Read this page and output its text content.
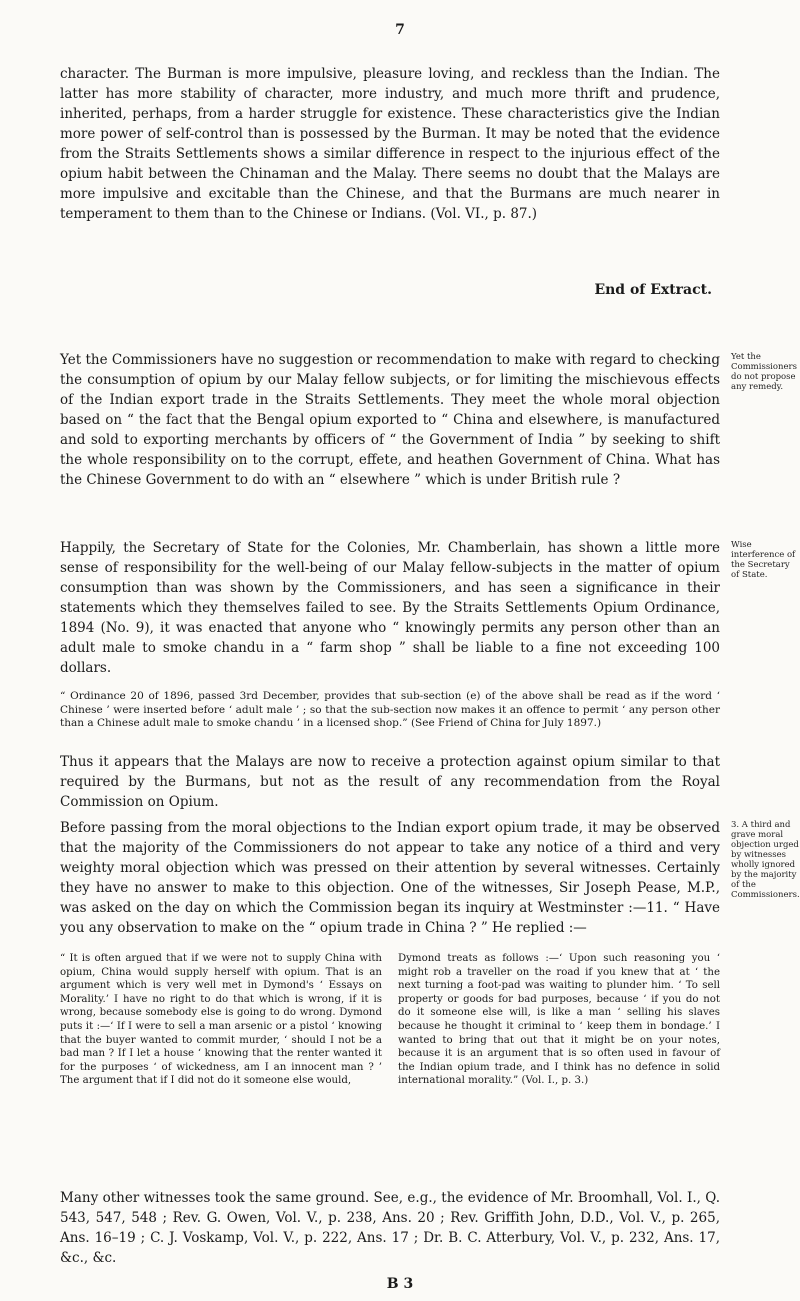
7

character. The Burman is more impulsive, pleasure loving, and reckless than the Indian. The latter has more stability of character, more industry, and much more thrift and prudence, inherited, perhaps, from a harder struggle for existence. These characteristics give the Indian more power of self-control than is possessed by the Burman. It may be noted that the evidence from the Straits Settlements shows a similar difference in respect to the injurious effect of the opium habit between the Chinaman and the Malay. There seems no doubt that the Malays are more impulsive and excitable than the Chinese, and that the Burmans are much nearer in temperament to them than to the Chinese or Indians. (Vol. VI., p. 87.)

End of Extract.

Yet the Commissioners have no suggestion or recommendation to make with regard to checking the consumption of opium by our Malay fellow subjects, or for limiting the mischievous effects of the Indian export trade in the Straits Settlements. They meet the whole moral objection based on “ the fact that the Bengal opium exported to “ China and elsewhere, is manufactured and sold to exporting merchants by officers of “ the Government of India ” by seeking to shift the whole responsibility on to the corrupt, effete, and heathen Government of China. What has the Chinese Government to do with an “ elsewhere ” which is under British rule ?

Yet the Commissioners do not propose any remedy.

Happily, the Secretary of State for the Colonies, Mr. Chamberlain, has shown a little more sense of responsibility for the well-being of our Malay fellow-subjects in the matter of opium consumption than was shown by the Commissioners, and has seen a significance in their statements which they themselves failed to see. By the Straits Settlements Opium Ordinance, 1894 (No. 9), it was enacted that anyone who “ knowingly permits any person other than an adult male to smoke chandu in a “ farm shop ” shall be liable to a fine not exceeding 100 dollars.

Wise interference of the Secretary of State.

“ Ordinance 20 of 1896, passed 3rd December, provides that sub-section (e) of the above shall be read as if the word ‘ Chinese ’ were inserted before ‘ adult male ’ ; so that the sub-section now makes it an offence to permit ‘ any person other than a Chinese adult male to smoke chandu ’ in a licensed shop.” (See Friend of China for July 1897.)

Thus it appears that the Malays are now to receive a protection against opium similar to that required by the Burmans, but not as the result of any recommendation from the Royal Commission on Opium.

Before passing from the moral objections to the Indian export opium trade, it may be observed that the majority of the Commissioners do not appear to take any notice of a third and very weighty moral objection which was pressed on their attention by several witnesses. Certainly they have no answer to make to this objection. One of the witnesses, Sir Joseph Pease, M.P., was asked on the day on which the Commission began its inquiry at Westminster :—11. “ Have you any observation to make on the “ opium trade in China ? ” He replied :—

3. A third and grave moral objection urged by witnesses wholly ignored by the majority of the Commissioners.
“ It is often argued that if we were not to supply China with opium, China would supply herself with opium. That is an argument which is very well met in Dymond's ‘ Essays on Morality.’ I have no right to do that which is wrong, if it is wrong, because somebody else is going to do wrong. Dymond puts it :—‘ If I were to sell a man arsenic or a pistol ‘ knowing that the buyer wanted to commit murder, ‘ should I not be a bad man ? If I let a house ‘ knowing that the renter wanted it for the purposes ‘ of wickedness, am I an innocent man ? ’ The argument that if I did not do it someone else would,
Dymond treats as follows :—‘ Upon such reasoning you ‘ might rob a traveller on the road if you knew that at ‘ the next turning a foot-pad was waiting to plunder him. ‘ To sell property or goods for bad purposes, because ‘ if you do not do it someone else will, is like a man ‘ selling his slaves because he thought it criminal to ‘ keep them in bondage.’ I wanted to bring that out that it might be on your notes, because it is an argument that is so often used in favour of the Indian opium trade, and I think has no defence in solid international morality.” (Vol. I., p. 3.)

Many other witnesses took the same ground. See, e.g., the evidence of Mr. Broomhall, Vol. I., Q. 543, 547, 548 ; Rev. G. Owen, Vol. V., p. 238, Ans. 20 ; Rev. Griffith John, D.D., Vol. V., p. 265, Ans. 16–19 ; C. J. Voskamp, Vol. V., p. 222, Ans. 17 ; Dr. B. C. Atterbury, Vol. V., p. 232, Ans. 17, &c., &c.

B 3
